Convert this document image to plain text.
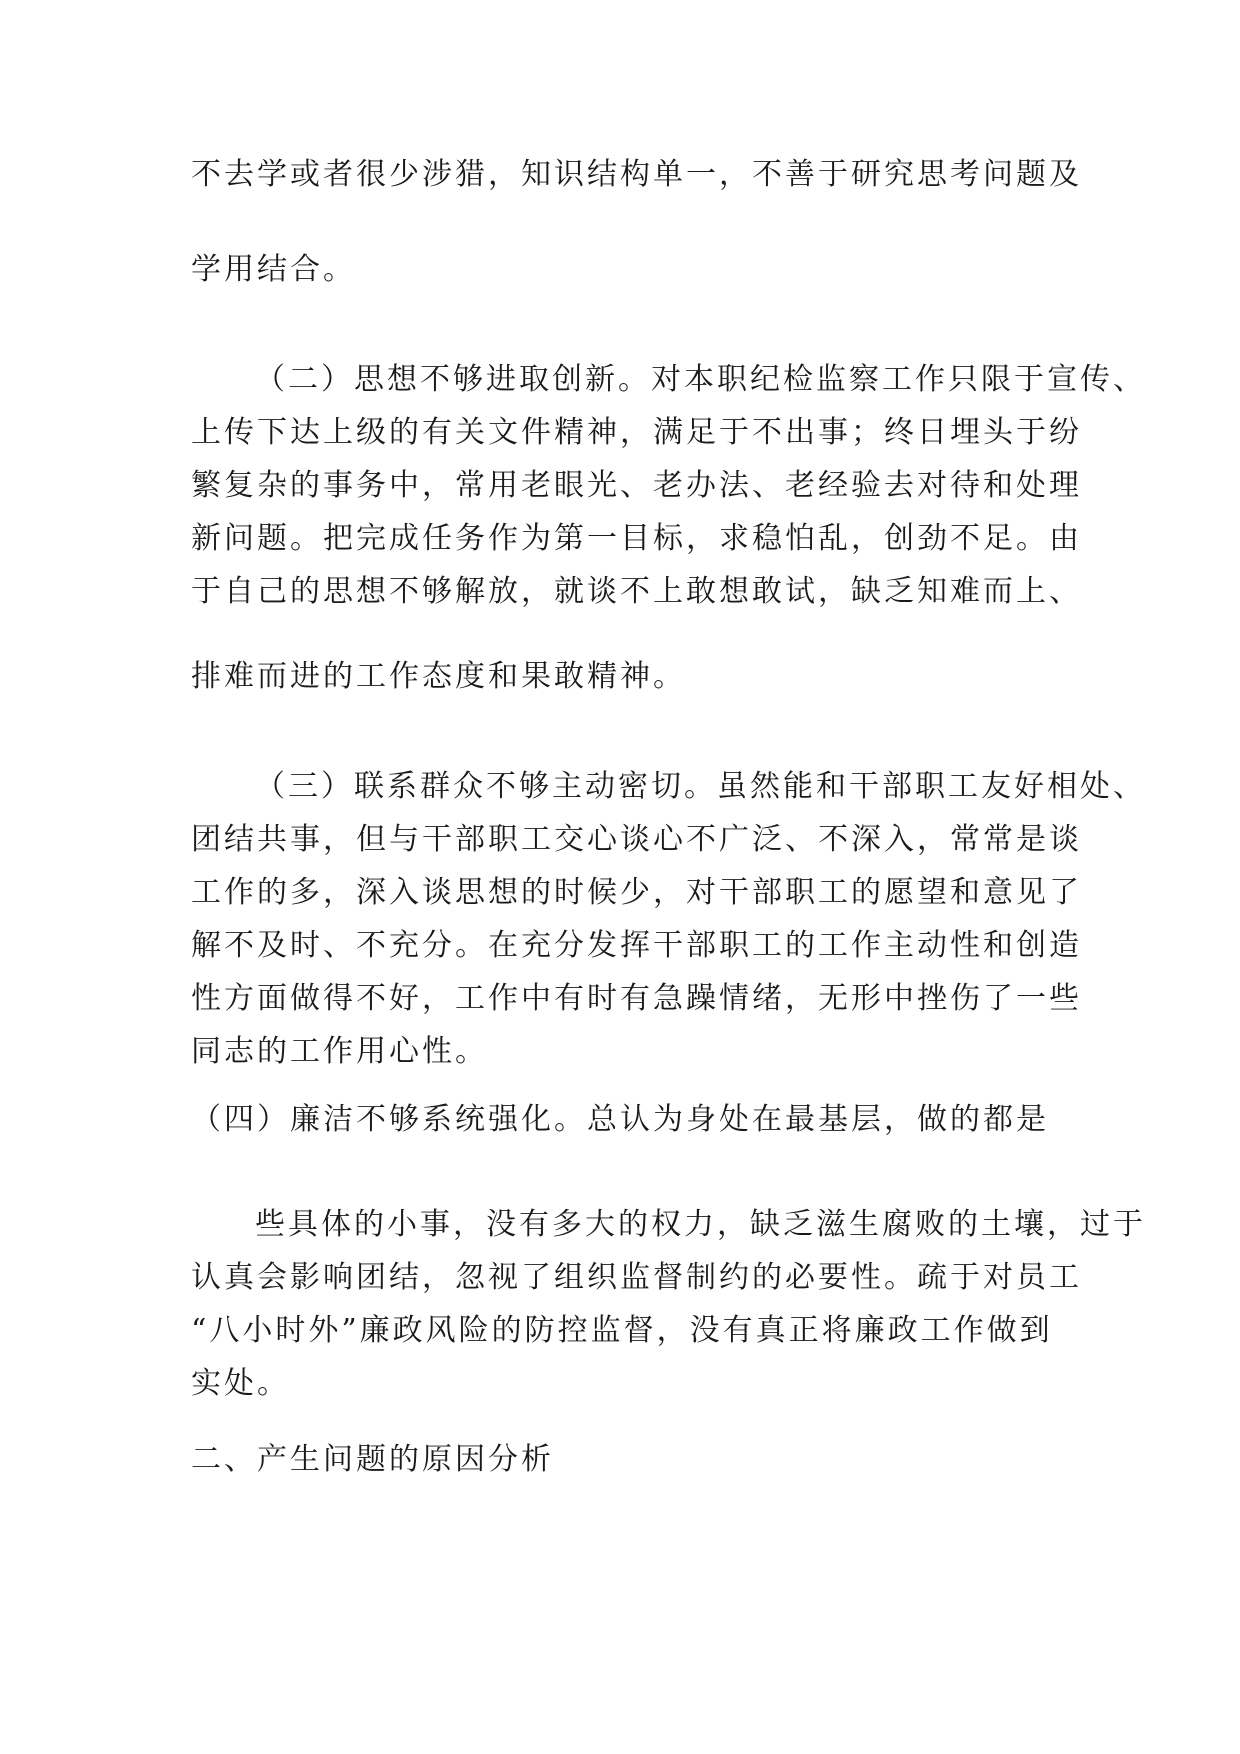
不去学或者很少涉猎，知识结构单一，不善于研究思考问题及
学用结合。
（二）思想不够进取创新。对本职纪检监察工作只限于宣传、
上传下达上级的有关文件精神，满足于不出事；终日埋头于纷
繁复杂的事务中，常用老眼光、老办法、老经验去对待和处理
新问题。把完成任务作为第一目标，求稳怕乱，创劲不足。由
于自己的思想不够解放，就谈不上敢想敢试，缺乏知难而上、
排难而进的工作态度和果敢精神。
（三）联系群众不够主动密切。虽然能和干部职工友好相处、
团结共事，但与干部职工交心谈心不广泛、不深入，常常是谈
工作的多，深入谈思想的时候少，对干部职工的愿望和意见了
解不及时、不充分。在充分发挥干部职工的工作主动性和创造
性方面做得不好，工作中有时有急躁情绪，无形中挫伤了一些
同志的工作用心性。
（四）廉洁不够系统强化。总认为身处在最基层，做的都是
些具体的小事，没有多大的权力，缺乏滋生腐败的土壤，过于
认真会影响团结，忽视了组织监督制约的必要性。疏于对员工
“八小时外”廉政风险的防控监督，没有真正将廉政工作做到
实处。
二、产生问题的原因分析
